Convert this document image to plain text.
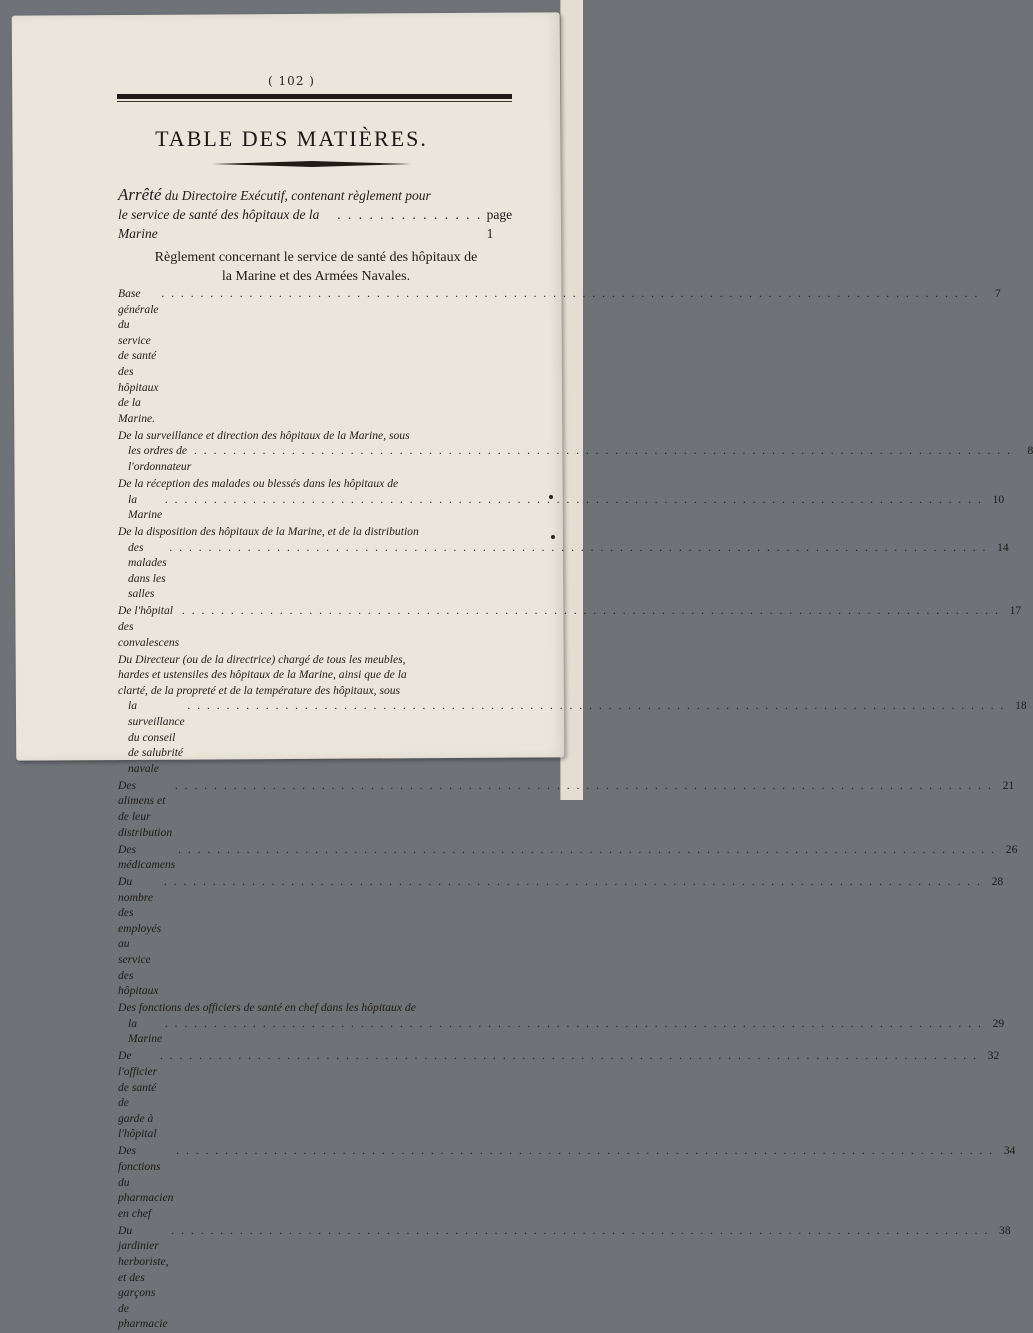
( 102 )
TABLE DES MATIÈRES.
Arrêté du Directoire Exécutif, contenant règlement pour

le service de santé des hôpitaux de la Marine
. . . . . . . . . . . . . . page 1
Règlement concernant le service de santé des hôpitaux de
la Marine et des Armées Navales.
Base générale du service de santé des hôpitaux de la Marine.
. . .
7
De la surveillance et direction des hôpitaux de la Marine, sous
les ordres de l'ordonnateur
. . .
8
De la réception des malades ou blessés dans les hôpitaux de
la Marine
. . .
10
De la disposition des hôpitaux de la Marine, et de la distribution
des malades dans les salles
. . .
14
De l'hôpital des convalescens
. . .
17
Du Directeur (ou de la directrice) chargé de tous les meubles,
hardes et ustensiles des hôpitaux de la Marine, ainsi que de la
clarté, de la propreté et de la température des hôpitaux, sous
la surveillance du conseil de salubrité navale
. . .
18
Des alimens et de leur distribution
. . .
21
Des médicamens
. . .
26
Du nombre des employés au service des hôpitaux
. . .
28
Des fonctions des officiers de santé en chef dans les hôpitaux de
la Marine
. . .
29
De l'officier de santé de garde à l'hôpital
. . .
32
Des fonctions du pharmacien en chef
. . .
34
Du jardinier herboriste, et des garçons de pharmacie
. . .
38
